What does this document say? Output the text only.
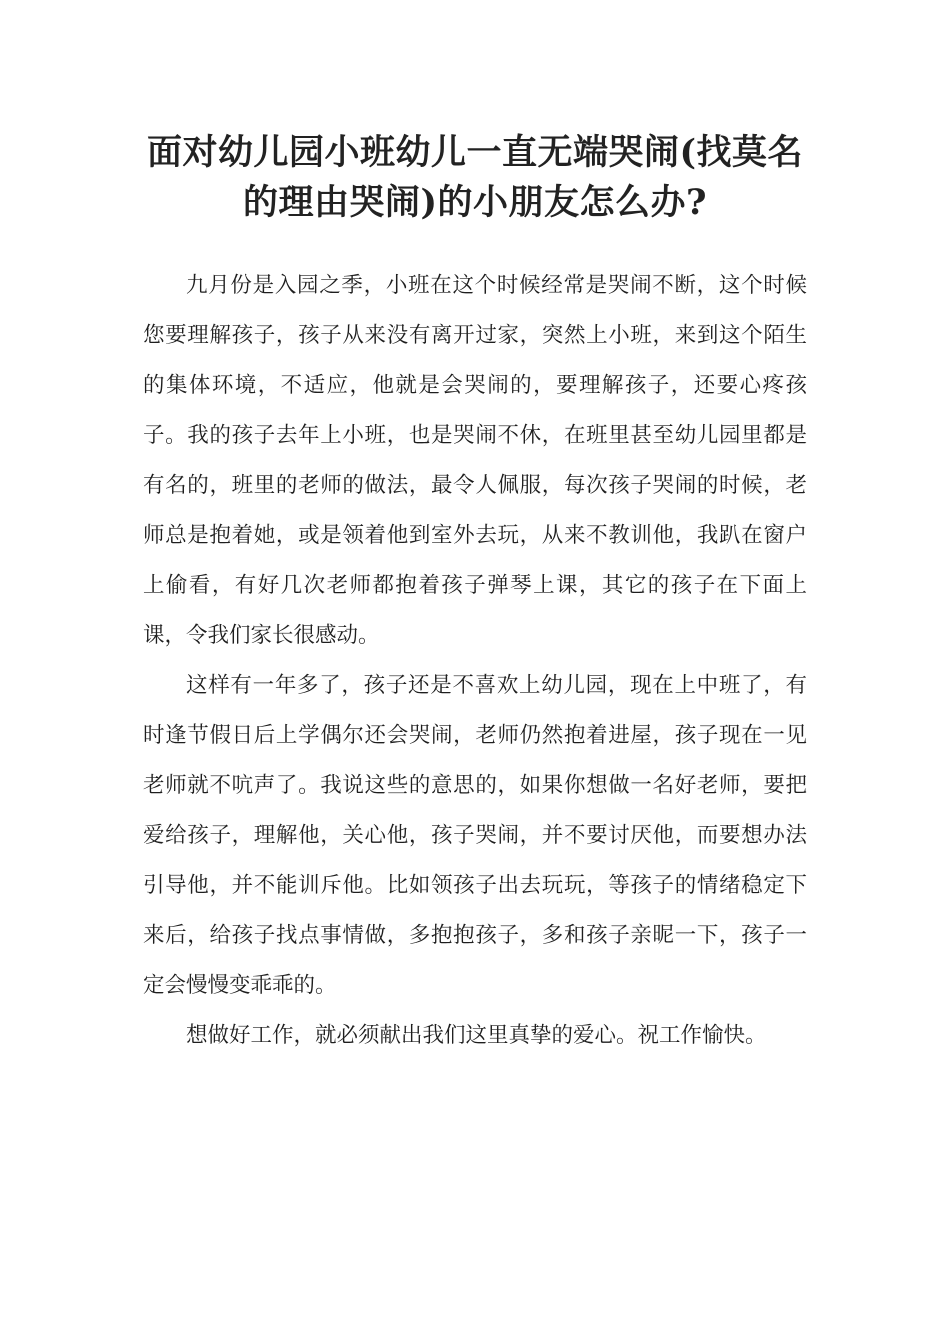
面对幼儿园小班幼儿一直无端哭闹(找莫名的理由哭闹)的小朋友怎么办?

九月份是入园之季，小班在这个时候经常是哭闹不断，这个时候您要理解孩子，孩子从来没有离开过家，突然上小班，来到这个陌生的集体环境，不适应，他就是会哭闹的，要理解孩子，还要心疼孩子。我的孩子去年上小班，也是哭闹不休，在班里甚至幼儿园里都是有名的，班里的老师的做法，最令人佩服，每次孩子哭闹的时候，老师总是抱着她，或是领着他到室外去玩，从来不教训他，我趴在窗户上偷看，有好几次老师都抱着孩子弹琴上课，其它的孩子在下面上课，令我们家长很感动。

这样有一年多了，孩子还是不喜欢上幼儿园，现在上中班了，有时逢节假日后上学偶尔还会哭闹，老师仍然抱着进屋，孩子现在一见老师就不吭声了。我说这些的意思的，如果你想做一名好老师，要把爱给孩子，理解他，关心他，孩子哭闹，并不要讨厌他，而要想办法引导他，并不能训斥他。比如领孩子出去玩玩，等孩子的情绪稳定下来后，给孩子找点事情做，多抱抱孩子，多和孩子亲昵一下，孩子一定会慢慢变乖乖的。

想做好工作，就必须献出我们这里真挚的爱心。祝工作愉快。
